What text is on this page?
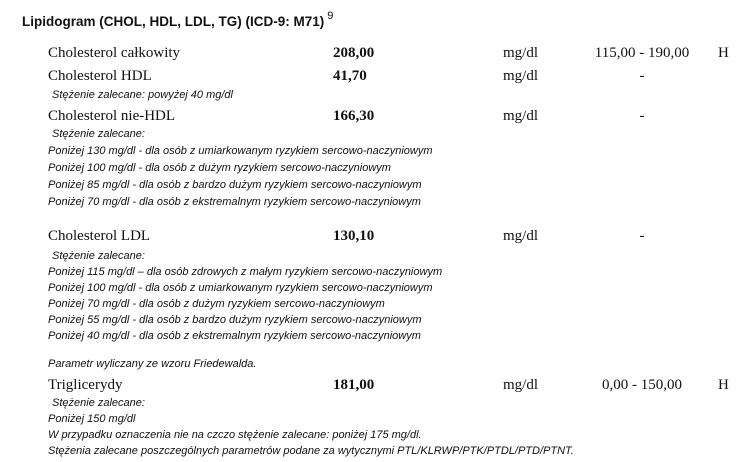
Lipidogram (CHOL, HDL, LDL, TG) (ICD-9: M71) $^9$
Cholesterol całkowity	208,00	mg/dl	115,00 - 190,00	H
Cholesterol HDL	41,70	mg/dl	-
Stężenie zalecane: powyżej 40 mg/dl
Cholesterol nie-HDL	166,30	mg/dl	-
Stężenie zalecane:
Poniżej 130 mg/dl - dla osób z umiarkowanym ryzykiem sercowo-naczyniowym
Poniżej 100 mg/dl - dla osób z dużym ryzykiem sercowo-naczyniowym
Poniżej 85 mg/dl - dla osób z bardzo dużym ryzykiem sercowo-naczyniowym
Poniżej 70 mg/dl - dla osób z ekstremalnym ryzykiem sercowo-naczyniowym
Cholesterol LDL	130,10	mg/dl	-
Stężenie zalecane:
Poniżej 115 mg/dl – dla osób zdrowych z małym ryzykiem sercowo-naczyniowym
Poniżej 100 mg/dl - dla osób z umiarkowanym ryzykiem sercowo-naczyniowym
Poniżej 70 mg/dl - dla osób z dużym ryzykiem sercowo-naczyniowym
Poniżej 55 mg/dl - dla osób z bardzo dużym ryzykiem sercowo-naczyniowym
Poniżej 40 mg/dl - dla osób z ekstremalnym ryzykiem sercowo-naczyniowym
Parametr wyliczany ze wzoru Friedewalda.
Triglicerydy	181,00	mg/dl	0,00 - 150,00	H
Stężenie zalecane:
Poniżej 150 mg/dl
W przypadku oznaczenia nie na czczo stężenie zalecane: poniżej 175 mg/dl.
Stężenia zalecane poszczególnych parametrów podane za wytycznymi PTL/KLRWP/PTK/PTDL/PTD/PTNT.
